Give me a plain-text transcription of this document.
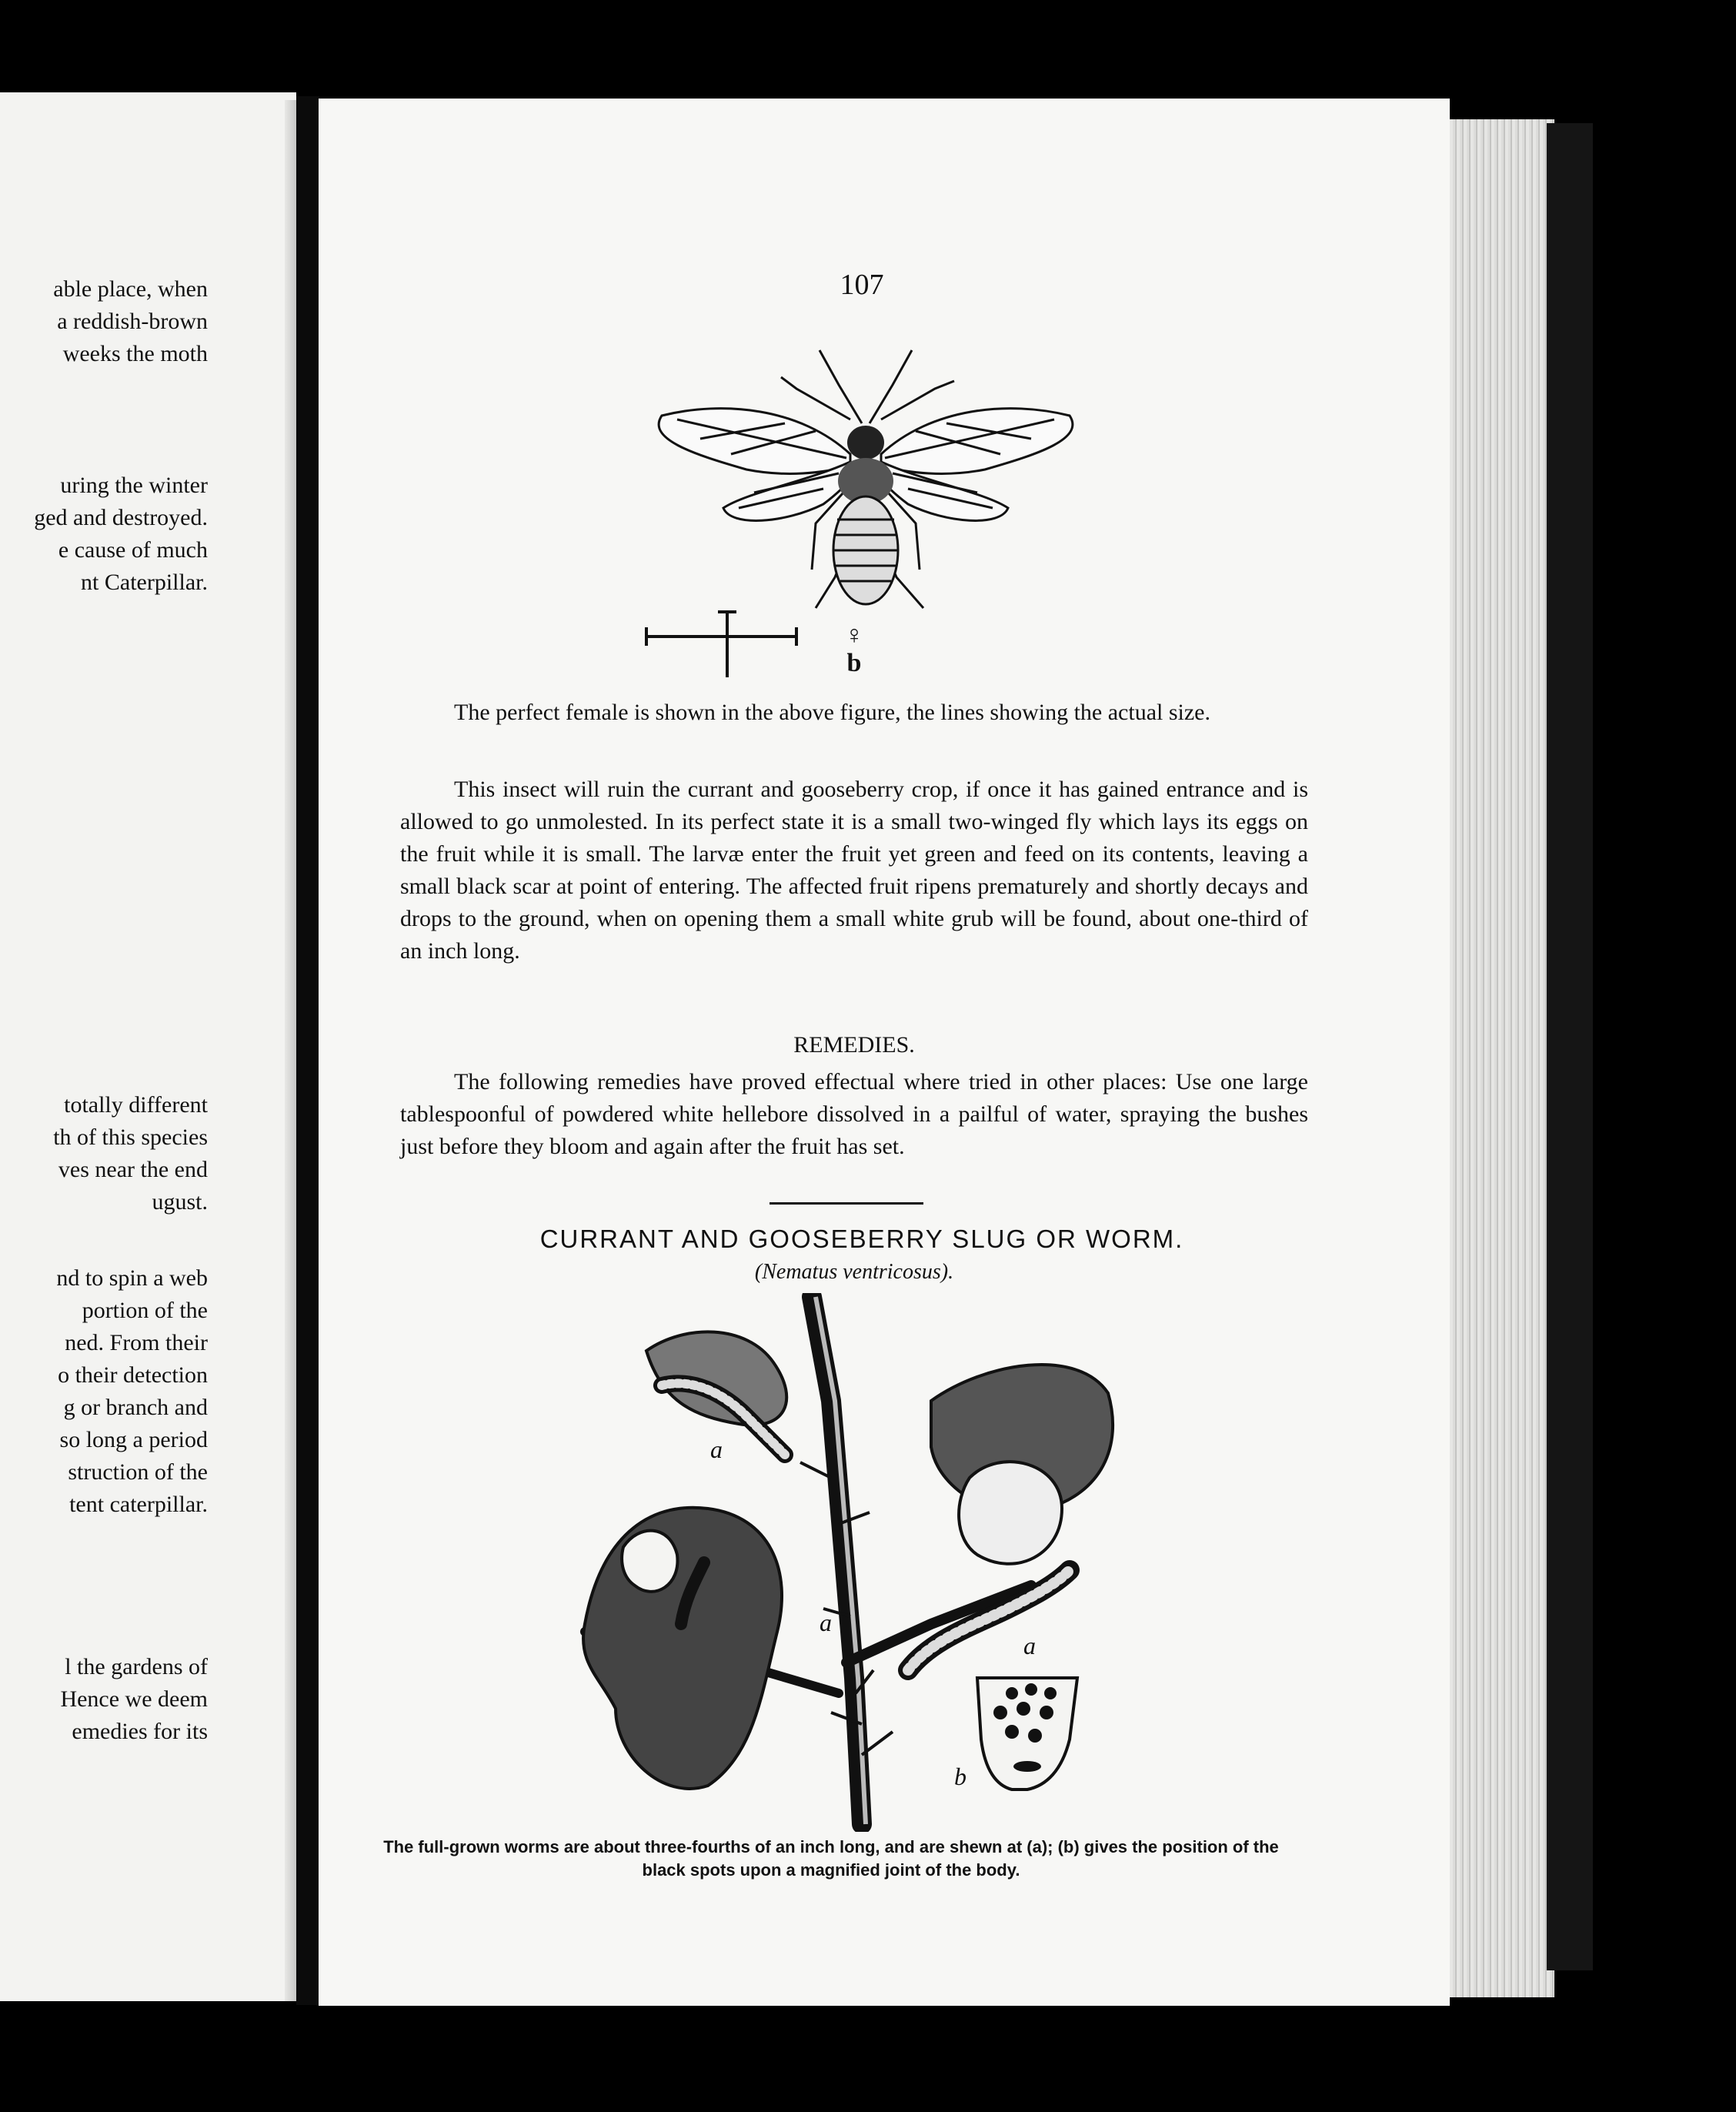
able place, when
a reddish-brown
weeks the moth
uring the winter
ged and destroyed.
e cause of much
nt Caterpillar.
totally different
th of this species
ves near the end
ugust.
nd to spin a web
portion of the
ned. From their
o their detection
g or branch and
so long a period
struction of the
tent caterpillar.
l the gardens of
Hence we deem
emedies for its
107
♀ b
The perfect female is shown in the above figure, the lines showing the actual size.
This insect will ruin the currant and gooseberry crop, if once it has gained entrance and is allowed to go unmolested. In its perfect state it is a small two-winged fly which lays its eggs on the fruit while it is small. The larvæ enter the fruit yet green and feed on its contents, leaving a small black scar at point of entering. The affected fruit ripens prematurely and shortly decays and drops to the ground, when on opening them a small white grub will be found, about one-third of an inch long.
REMEDIES.
The following remedies have proved effectual where tried in other places: Use one large tablespoonful of powdered white hellebore dissolved in a pailful of water, spraying the bushes just before they bloom and again after the fruit has set.
CURRANT AND GOOSEBERRY SLUG OR WORM.
(Nematus ventricosus).
a
a
a
b
The full-grown worms are about three-fourths of an inch long, and are shewn at (a); (b) gives the position of the black spots upon a magnified joint of the body.
